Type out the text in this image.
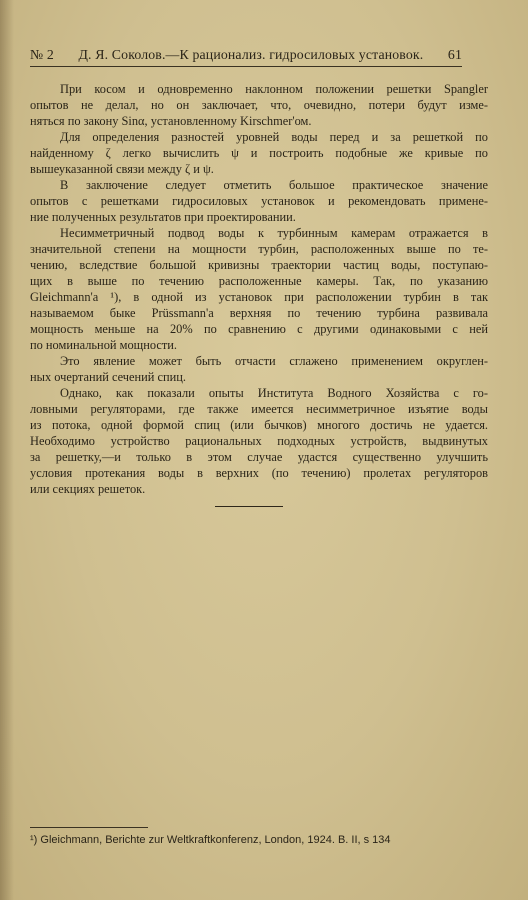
№ 2 Д. Я. Соколов.—К рационализ. гидросиловых установок. 61
При косом и одновременно наклонном положении решетки Spangler
опытов не делал, но он заключает, что, очевидно, потери будут изме-
няться по закону Sinα, установленному Kirschmer'ом.
Для определения разностей уровней воды перед и за решеткой по
найденному ζ легко вычислить ψ и построить подобные же кривые по
вышеуказанной связи между ζ и ψ.
В заключение следует отметить большое практическое значение
опытов с решетками гидросиловых установок и рекомендовать примене-
ние полученных результатов при проектировании.
Несимметричный подвод воды к турбинным камерам отражается в
значительной степени на мощности турбин, расположенных выше по те-
чению, вследствие большой кривизны траектории частиц воды, поступаю-
щих в выше по течению расположенные камеры. Так, по указанию
Gleichmann'a ¹), в одной из установок при расположении турбин в так
называемом быке Prüssmann'a верхняя по течению турбина развивала
мощность меньше на 20% по сравнению с другими одинаковыми с ней
по номинальной мощности.
Это явление может быть отчасти сглажено применением округлен-
ных очертаний сечений спиц.
Однако, как показали опыты Института Водного Хозяйства с го-
ловными регуляторами, где также имеется несимметричное изъятие воды
из потока, одной формой спиц (или бычков) многого достичь не удается.
Необходимо устройство рациональных подходных устройств, выдвинутых
за решетку,—и только в этом случае удастся существенно улучшить
условия протекания воды в верхних (по течению) пролетах регуляторов
или секциях решеток.
¹) Gleichmann, Berichte zur Weltkraftkonferenz, London, 1924. B. II, s 134
